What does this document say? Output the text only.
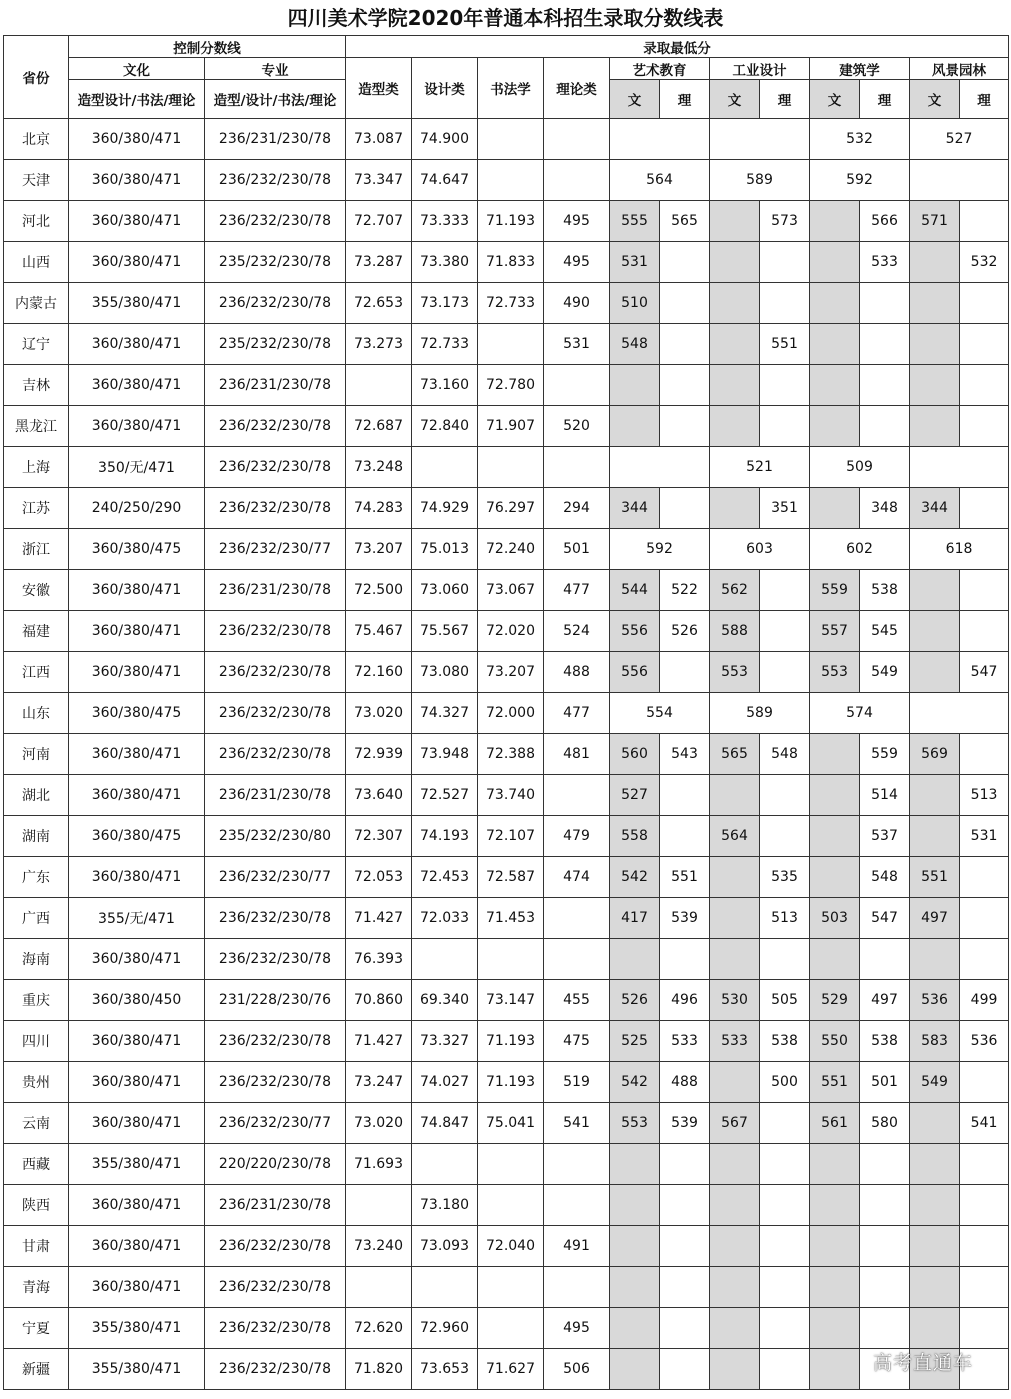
四川美术学院2020年普通本科招生录取分数线表
省份	控制分数线		录取最低分											
	文化	专业	造型类	设计类	书法学	理论类	艺术教育		工业设计		建筑学		风景园林	
	造型设计/书法/理论	造型/设计/书法/理论					文	理	文	理	文	理	文	理
北京	360/380/471	236/231/230/78	73.087	74.900							532		527	
天津	360/380/471	236/232/230/78	73.347	74.647			564		589		592			
河北	360/380/471	236/232/230/78	72.707	73.333	71.193	495	555	565		573		566	571	
山西	360/380/471	235/232/230/78	73.287	73.380	71.833	495	531					533		532
内蒙古	355/380/471	236/232/230/78	72.653	73.173	72.733	490	510							
辽宁	360/380/471	235/232/230/78	73.273	72.733		531	548			551				
吉林	360/380/471	236/231/230/78		73.160	72.780									
黑龙江	360/380/471	236/232/230/78	72.687	72.840	71.907	520								
上海	350/无/471	236/232/230/78	73.248						521		509			
江苏	240/250/290	236/232/230/78	74.283	74.929	76.297	294	344			351		348	344	
浙江	360/380/475	236/232/230/77	73.207	75.013	72.240	501	592		603		602		618	
安徽	360/380/471	236/231/230/78	72.500	73.060	73.067	477	544	522	562		559	538		
福建	360/380/471	236/232/230/78	75.467	75.567	72.020	524	556	526	588		557	545		
江西	360/380/471	236/232/230/78	72.160	73.080	73.207	488	556		553		553	549		547
山东	360/380/475	236/232/230/78	73.020	74.327	72.000	477	554		589		574			
河南	360/380/471	236/232/230/78	72.939	73.948	72.388	481	560	543	565	548		559	569	
湖北	360/380/471	236/231/230/78	73.640	72.527	73.740		527					514		513
湖南	360/380/475	235/232/230/80	72.307	74.193	72.107	479	558		564			537		531
广东	360/380/471	236/232/230/77	72.053	72.453	72.587	474	542	551		535		548	551	
广西	355/无/471	236/232/230/78	71.427	72.033	71.453		417	539		513	503	547	497	
海南	360/380/471	236/232/230/78	76.393											
重庆	360/380/450	231/228/230/76	70.860	69.340	73.147	455	526	496	530	505	529	497	536	499
四川	360/380/471	236/232/230/78	71.427	73.327	71.193	475	525	533	533	538	550	538	583	536
贵州	360/380/471	236/232/230/78	73.247	74.027	71.193	519	542	488		500	551	501	549	
云南	360/380/471	236/232/230/77	73.020	74.847	75.041	541	553	539	567		561	580		541
西藏	355/380/471	220/220/230/78	71.693											
陕西	360/380/471	236/231/230/78		73.180										
甘肃	360/380/471	236/232/230/78	73.240	73.093	72.040	491								
青海	360/380/471	236/232/230/78												
宁夏	355/380/471	236/232/230/78	72.620	72.960		495								
新疆	355/380/471	236/232/230/78	71.820	73.653	71.627	506									高考直通车
